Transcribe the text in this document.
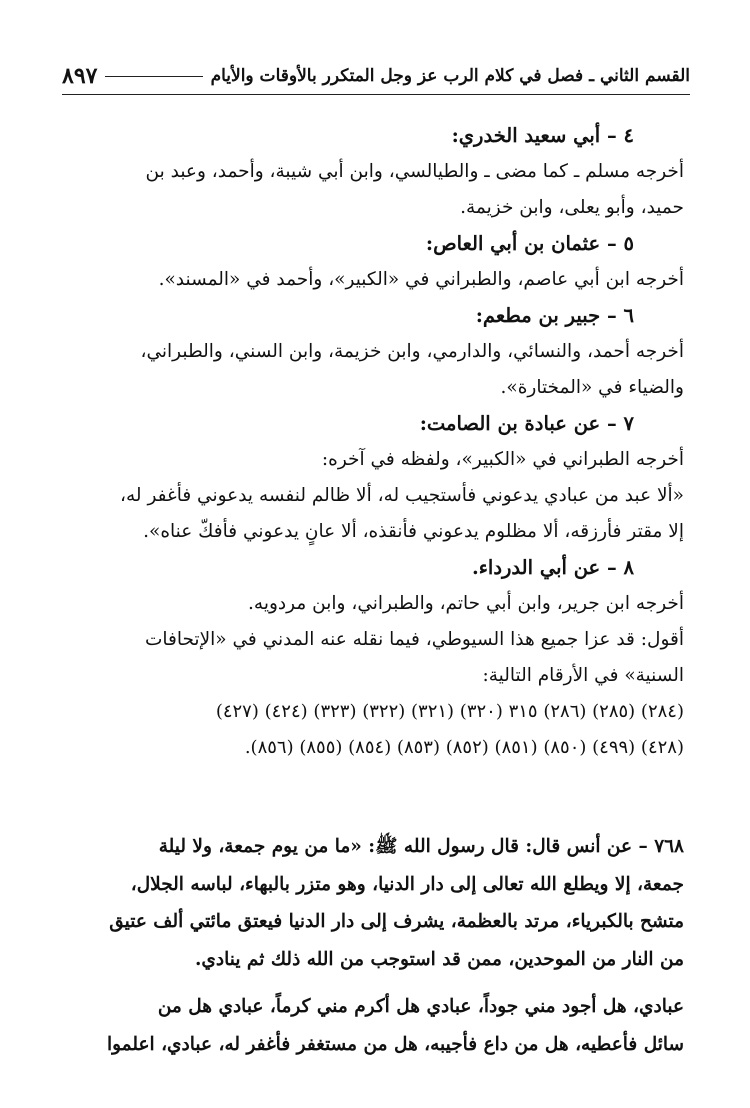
القسم الثاني ـ فصل في كلام الرب عز وجل المتكرر بالأوقات والأيام
٨٩٧
٤ – أبي سعيد الخدري:
أخرجه مسلم ـ كما مضى ـ والطيالسي، وابن أبي شيبة، وأحمد، وعبد بن
حميد، وأبو يعلى، وابن خزيمة.
٥ – عثمان بن أبي العاص:
أخرجه ابن أبي عاصم، والطبراني في «الكبير»، وأحمد في «المسند».
٦ – جبير بن مطعم:
أخرجه أحمد، والنسائي، والدارمي، وابن خزيمة، وابن السني، والطبراني،
والضياء في «المختارة».
٧ – عن عبادة بن الصامت:
أخرجه الطبراني في «الكبير»، ولفظه في آخره:
«ألا عبد من عبادي يدعوني فأستجيب له، ألا ظالم لنفسه يدعوني فأغفر له،
إلا مقتر فأرزقه، ألا مظلوم يدعوني فأنقذه، ألا عانٍ يدعوني فأفكّ عناه».
٨ – عن أبي الدرداء.
أخرجه ابن جرير، وابن أبي حاتم، والطبراني، وابن مردويه.
أقول: قد عزا جميع هذا السيوطي، فيما نقله عنه المدني في «الإتحافات
السنية» في الأرقام التالية:
(٢٨٤) (٢٨٥) (٢٨٦) ٣١٥ (٣٢٠) (٣٢١) (٣٢٢) (٣٢٣) (٤٢٤) (٤٢٧)
(٤٢٨) (٤٩٩) (٨٥٠) (٨٥١) (٨٥٢) (٨٥٣) (٨٥٤) (٨٥٥) (٨٥٦).
٧٦٨ – عن أنس قال: قال رسول الله ﷺ: «ما من يوم جمعة، ولا ليلة
جمعة، إلا ويطلع الله تعالى إلى دار الدنيا، وهو متزر بالبهاء، لباسه الجلال،
متشح بالكبرياء، مرتد بالعظمة، يشرف إلى دار الدنيا فيعتق مائتي ألف عتيق
من النار من الموحدين، ممن قد استوجب من الله ذلك ثم ينادي.
عبادي، هل أجود مني جوداً، عبادي هل أكرم مني كرماً، عبادي هل من
سائل فأعطيه، هل من داع فأجيبه، هل من مستغفر فأغفر له، عبادي، اعلموا
